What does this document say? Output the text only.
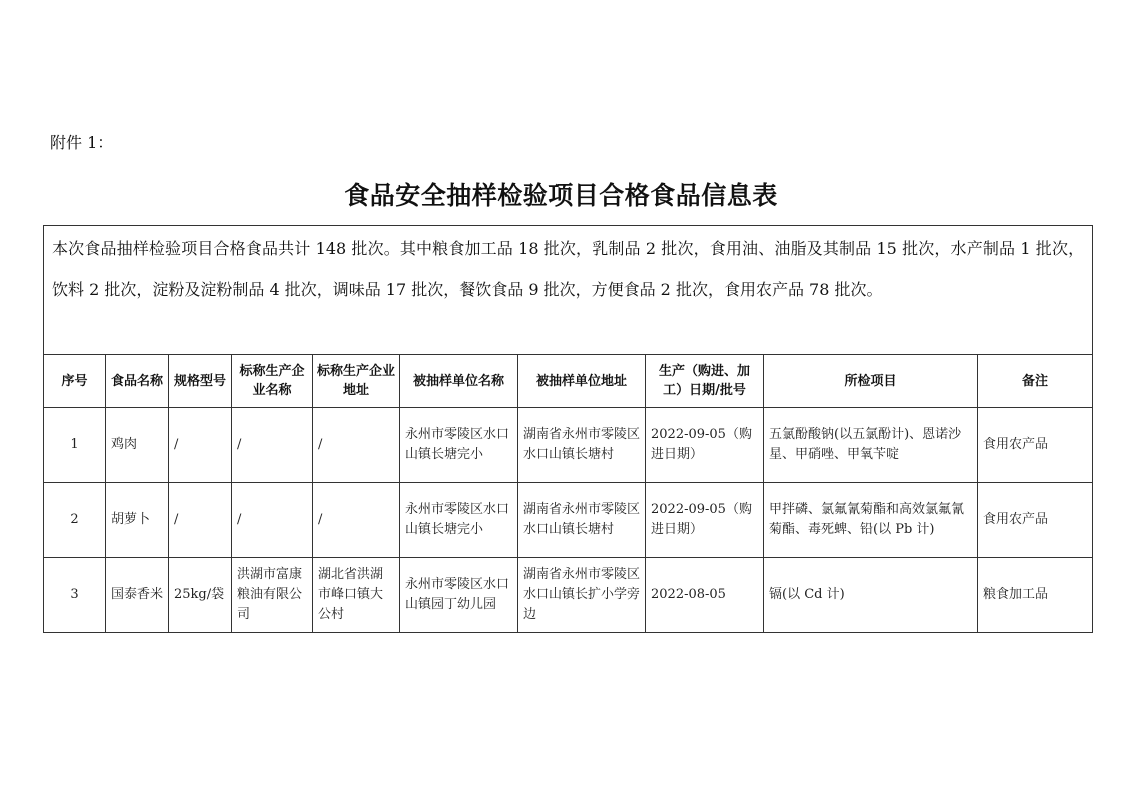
附件 1：
食品安全抽样检验项目合格食品信息表
本次食品抽样检验项目合格食品共计 148 批次。其中粮食加工品 18 批次，乳制品 2 批次，食用油、油脂及其制品 15 批次，水产制品 1 批次，饮料 2 批次，淀粉及淀粉制品 4 批次，调味品 17 批次，餐饮食品 9 批次，方便食品 2 批次，食用农产品 78 批次。									
序号	食品名称	规格型号	标称生产企业名称	标称生产企业地址	被抽样单位名称	被抽样单位地址	生产（购进、加工）日期/批号	所检项目	备注
1	鸡肉	/	/	/	永州市零陵区水口山镇长塘完小	湖南省永州市零陵区水口山镇长塘村	2022-09-05（购进日期）	五氯酚酸钠(以五氯酚计)、恩诺沙星、甲硝唑、甲氧苄啶	食用农产品
2	胡萝卜	/	/	/	永州市零陵区水口山镇长塘完小	湖南省永州市零陵区水口山镇长塘村	2022-09-05（购进日期）	甲拌磷、氯氟氰菊酯和高效氯氟氰菊酯、毒死蜱、铅(以 Pb 计)	食用农产品
3	国泰香米	25kg/袋	洪湖市富康粮油有限公司	湖北省洪湖市峰口镇大公村	永州市零陵区水口山镇园丁幼儿园	湖南省永州市零陵区水口山镇长扩小学旁边	2022-08-05	镉(以 Cd 计)	粮食加工品
